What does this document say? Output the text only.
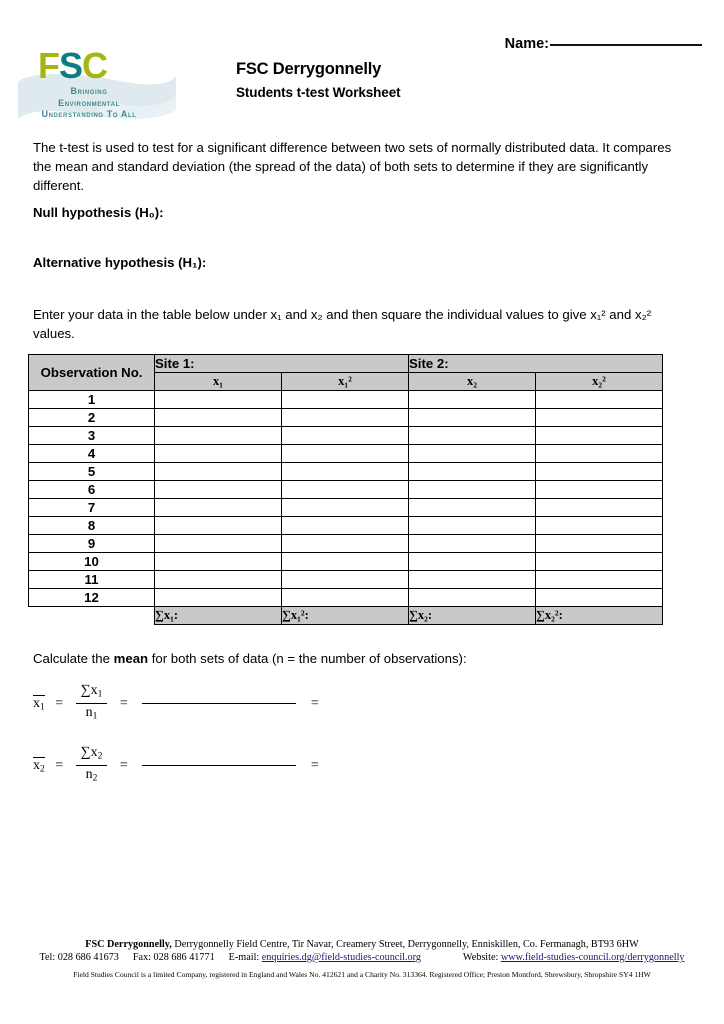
Name:
FSC
Bringing
Environmental
Understanding To All
FSC Derrygonnelly
Students t-test Worksheet
The t-test is used to test for a significant difference between two sets of normally distributed data. It compares the mean and standard deviation (the spread of the data) of both sets to determine if they are significantly different.
Null hypothesis (H₀):
Alternative hypothesis (H₁):
Enter your data in the table below under x₁ and x₂ and then square the individual values to give x₁² and x₂² values.
Observation No.	Site 1:		Site 2:	
	x₁	x₁²	x₂	x₂²
1				
2				
3				
4				
5				
6				
7				
8				
9				
10				
11				
12				
	∑x₁:	∑x₁²:	∑x₂:	∑x₂²:
Calculate the mean for both sets of data (n = the number of observations):
$x_1 = \frac{\sum x_1}{n_1}$ =	=
$x_2 = \frac{\sum x_2}{n_2}$ =	=
FSC Derrygonnelly, Derrygonnelly Field Centre, Tir Navar, Creamery Street, Derrygonnelly, Enniskillen, Co. Fermanagh, BT93 6HW
Tel: 028 686 41673 Fax: 028 686 41771 E-mail: enquiries.dg@field-studies-council.org	Website: www.field-studies-council.org/derrygonnelly
Field Studies Council is a limited Company, registered in England and Wales No. 412621 and a Charity No. 313364. Registered Office; Preston Montford, Shrewsbury, Shropshire SY4 1HW
